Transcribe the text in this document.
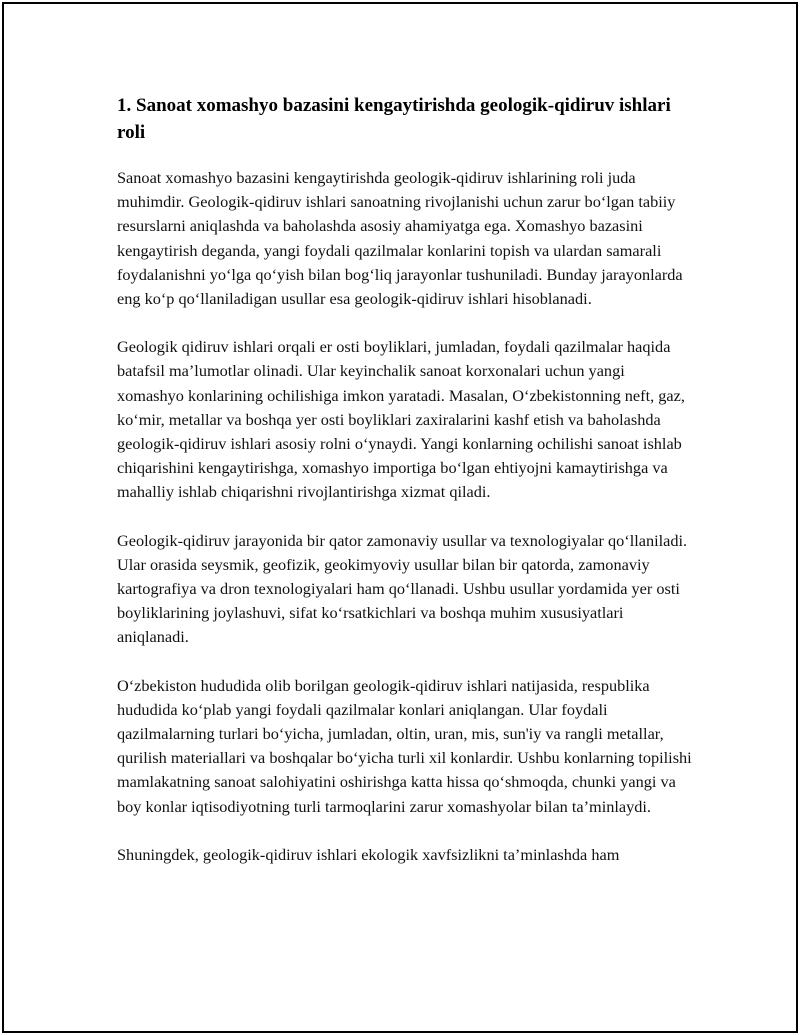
1. Sanoat xomashyo bazasini kengaytirishda geologik-qidiruv ishlari roli

Sanoat xomashyo bazasini kengaytirishda geologik-qidiruv ishlarining roli juda muhimdir. Geologik-qidiruv ishlari sanoatning rivojlanishi uchun zarur bo‘lgan tabiiy resurslarni aniqlashda va baholashda asosiy ahamiyatga ega. Xomashyo bazasini kengaytirish deganda, yangi foydali qazilmalar konlarini topish va ulardan samarali foydalanishni yo‘lga qo‘yish bilan bog‘liq jarayonlar tushuniladi. Bunday jarayonlarda eng ko‘p qo‘llaniladigan usullar esa geologik-qidiruv ishlari hisoblanadi.

Geologik qidiruv ishlari orqali er osti boyliklari, jumladan, foydali qazilmalar haqida batafsil ma’lumotlar olinadi. Ular keyinchalik sanoat korxonalari uchun yangi xomashyo konlarining ochilishiga imkon yaratadi. Masalan, O‘zbekistonning neft, gaz, ko‘mir, metallar va boshqa yer osti boyliklari zaxiralarini kashf etish va baholashda geologik-qidiruv ishlari asosiy rolni o‘ynaydi. Yangi konlarning ochilishi sanoat ishlab chiqarishini kengaytirishga, xomashyo importiga bo‘lgan ehtiyojni kamaytirishga va mahalliy ishlab chiqarishni rivojlantirishga xizmat qiladi.

Geologik-qidiruv jarayonida bir qator zamonaviy usullar va texnologiyalar qo‘llaniladi. Ular orasida seysmik, geofizik, geokimyoviy usullar bilan bir qatorda, zamonaviy kartografiya va dron texnologiyalari ham qo‘llanadi. Ushbu usullar yordamida yer osti boyliklarining joylashuvi, sifat ko‘rsatkichlari va boshqa muhim xususiyatlari aniqlanadi.

O‘zbekiston hududida olib borilgan geologik-qidiruv ishlari natijasida, respublika hududida ko‘plab yangi foydali qazilmalar konlari aniqlangan. Ular foydali qazilmalarning turlari bo‘yicha, jumladan, oltin, uran, mis, sun'iy va rangli metallar, qurilish materiallari va boshqalar bo‘yicha turli xil konlardir. Ushbu konlarning topilishi mamlakatning sanoat salohiyatini oshirishga katta hissa qo‘shmoqda, chunki yangi va boy konlar iqtisodiyotning turli tarmoqlarini zarur xomashyolar bilan ta’minlaydi.

Shuningdek, geologik-qidiruv ishlari ekologik xavfsizlikni ta’minlashda ham
